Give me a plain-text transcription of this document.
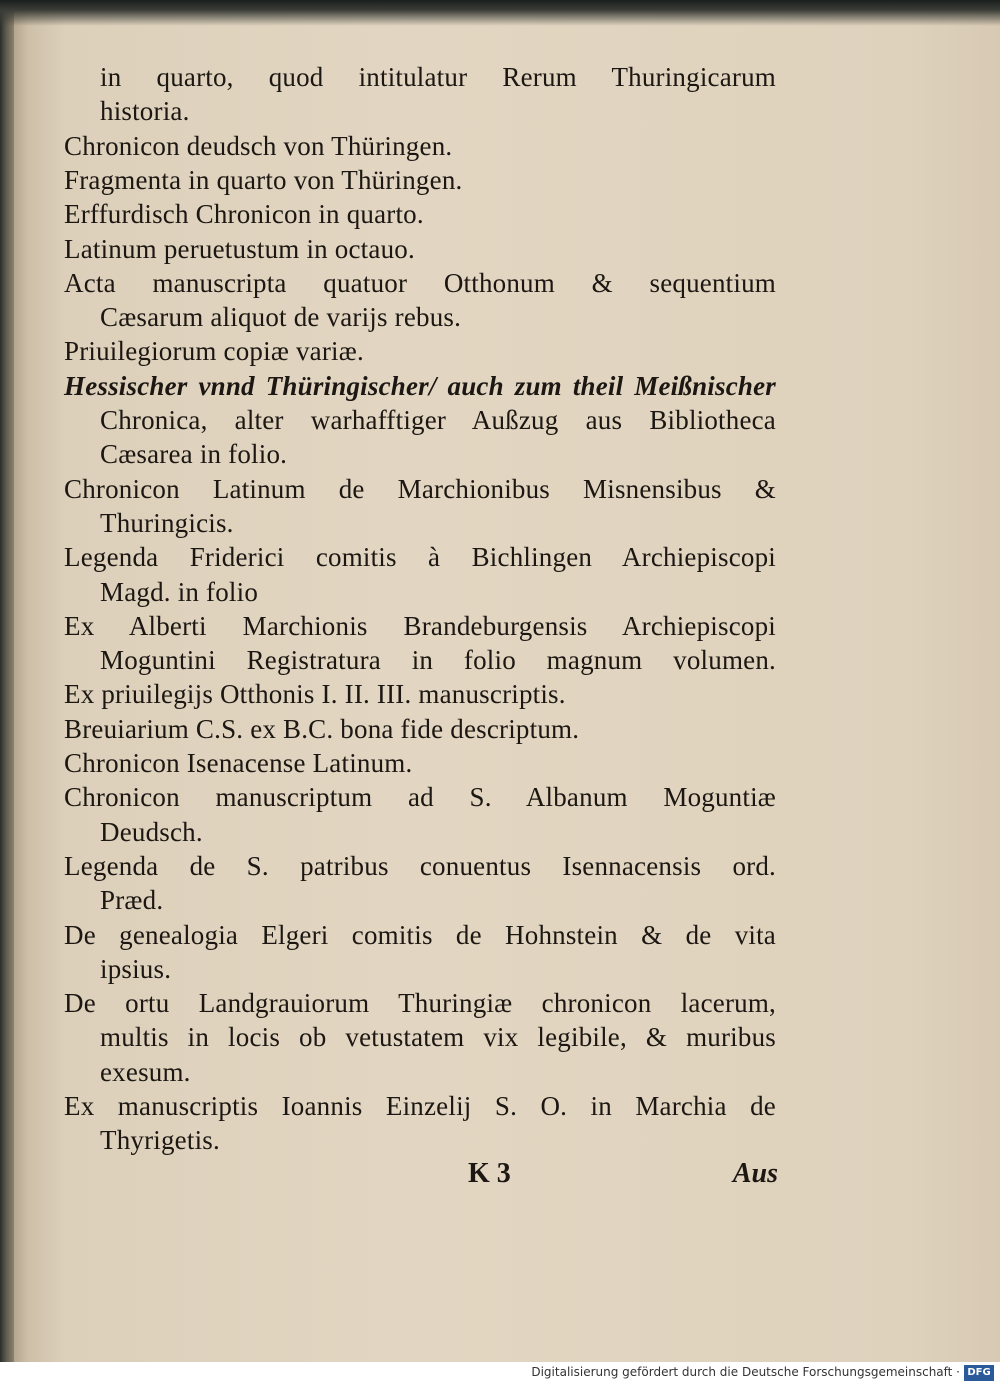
in quarto, quod intitulatur Rerum Thuringicarum
historia.
Chronicon deudsch von Thüringen.
Fragmenta in quarto von Thüringen.
Erffurdisch Chronicon in quarto.
Latinum peruetustum in octauo.
Acta manuscripta quatuor Otthonum & sequentium
Cæsarum aliquot de varijs rebus.
Priuilegiorum copiæ variæ.
Hessischer vnnd Thüringischer/ auch zum theil Meißnischer
Chronica, alter warhafftiger Außzug aus Bibliotheca
Cæsarea in folio.
Chronicon Latinum de Marchionibus Misnensibus &
Thuringicis.
Legenda Friderici comitis à Bichlingen Archiepiscopi
Magd. in folio
Ex Alberti Marchionis Brandeburgensis Archiepiscopi
Moguntini Registratura in folio magnum volumen.
Ex priuilegijs Otthonis I. II. III. manuscriptis.
Breuiarium C.S. ex B.C. bona fide descriptum.
Chronicon Isenacense Latinum.
Chronicon manuscriptum ad S. Albanum Moguntiæ
Deudsch.
Legenda de S. patribus conuentus Isennacensis ord.
Præd.
De genealogia Elgeri comitis de Hohnstein & de vita
ipsius.
De ortu Landgrauiorum Thuringiæ chronicon lacerum,
multis in locis ob vetustatem vix legibile, & muribus
exesum.
Ex manuscriptis Ioannis Einzelij S. O. in Marchia de
Thyrigetis.
K 3	Aus
Digitalisierung gefördert durch die Deutsche Forschungsgemeinschaft · DFG
